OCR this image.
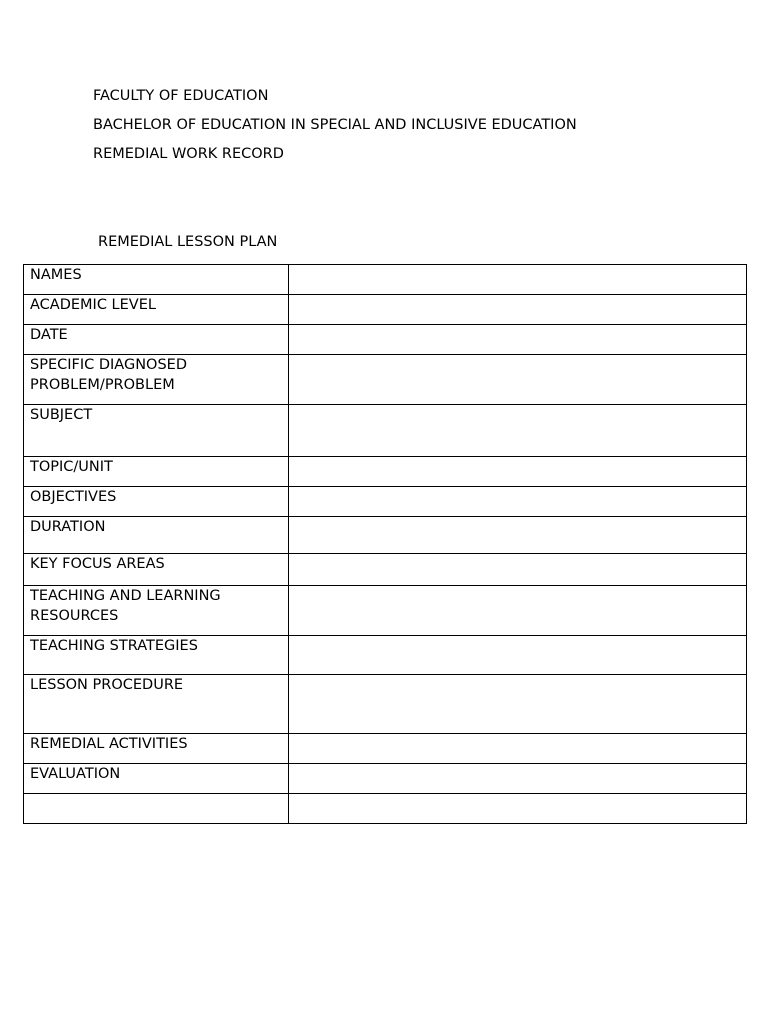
FACULTY OF EDUCATION

BACHELOR OF EDUCATION IN SPECIAL AND INCLUSIVE EDUCATION

REMEDIAL WORK RECORD

REMEDIAL LESSON PLAN

NAMES	

ACADEMIC LEVEL	

DATE	

SPECIFIC DIAGNOSED PROBLEM/PROBLEM	

SUBJECT	

TOPIC/UNIT	

OBJECTIVES	

DURATION	

KEY FOCUS AREAS	

TEACHING AND LEARNING RESOURCES	

TEACHING STRATEGIES	

LESSON PROCEDURE	

REMEDIAL ACTIVITIES	

EVALUATION	
